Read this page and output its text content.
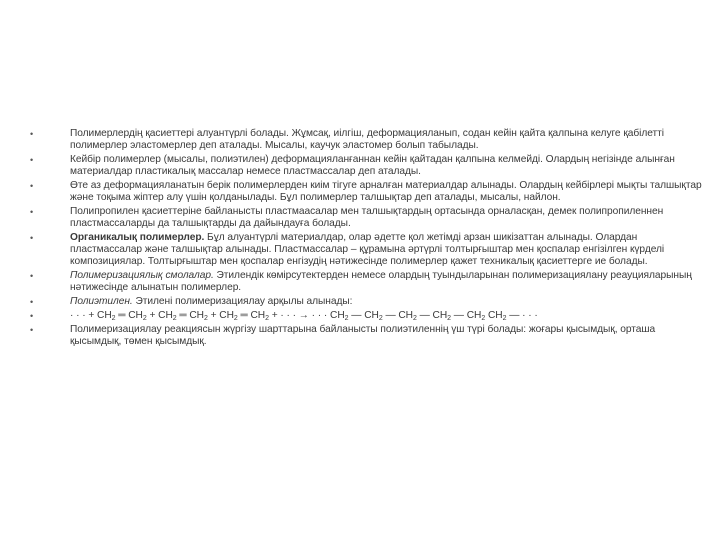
•	Полимерлердің қасиеттері алуантүрлі болады. Жұмсақ, иілгіш, деформацияланып, содан кейін қайта қалпына келуге қабілетті полимерлер эластомерлер деп аталады. Мысалы, каучук эластомер болып табылады.
•	Кейбір полимерлер (мысалы, полиэтилен) деформацияланғаннан кейін қайтадан қалпына келмейді. Олардың негізінде алынған материалдар пластикалық массалар немесе пластмассалар деп аталады.
•	Өте аз деформацияланатын берік полимерлерден киім тігуге арналған материалдар алынады. Олардың кейбірлері мықты талшықтар және тоқыма жіптер алу үшін қолданылады. Бұл полимерлер талшықтар деп аталады, мысалы, найлон.
•	Полипропилен қасиеттеріне байланысты пластмаасалар мен талшықтардың ортасында орналасқан, демек полипропиленнен пластмассаларды да талшықтарды да дайындауға болады.
•	Органикалық полимерлер. Бұл алуантүрлі материалдар, олар әдетте қол жетімді арзан шикізаттан алынады. Олардан пластмассалар және талшықтар алынады. Пластмассалар – құрамына әртүрлі толтырғыштар мен қоспалар енгізілген күрделі композициялар. Толтырғыштар мен қоспалар енгізудің нәтижесінде полимерлер қажет техникалық қасиеттерге ие болады.
•	Полимеризациялық смолалар. Этилендік көмірсутектерден немесе олардың туындыларынан полимеризациялану реауцияларының нәтижесінде алынатын полимерлер.
•	Полиэтилен. Этилені полимеризациялау арқылы алынады:
•	· · · + $CH_2$ ═ $CH_2 + CH_2$ ═ $CH_2 + CH_2$ ═ $CH_2$ + · · · → · · · $CH_2$ — $CH_2$ — $CH_2$ — $CH_2$ — $CH_2$ $CH_2$ — · · ·
•	Полимеризациялау реакциясын жүргізу шарттарына байланысты полиэтиленнің үш түрі болады: жоғары қысымдық, орташа қысымдық, төмен қысымдық.
